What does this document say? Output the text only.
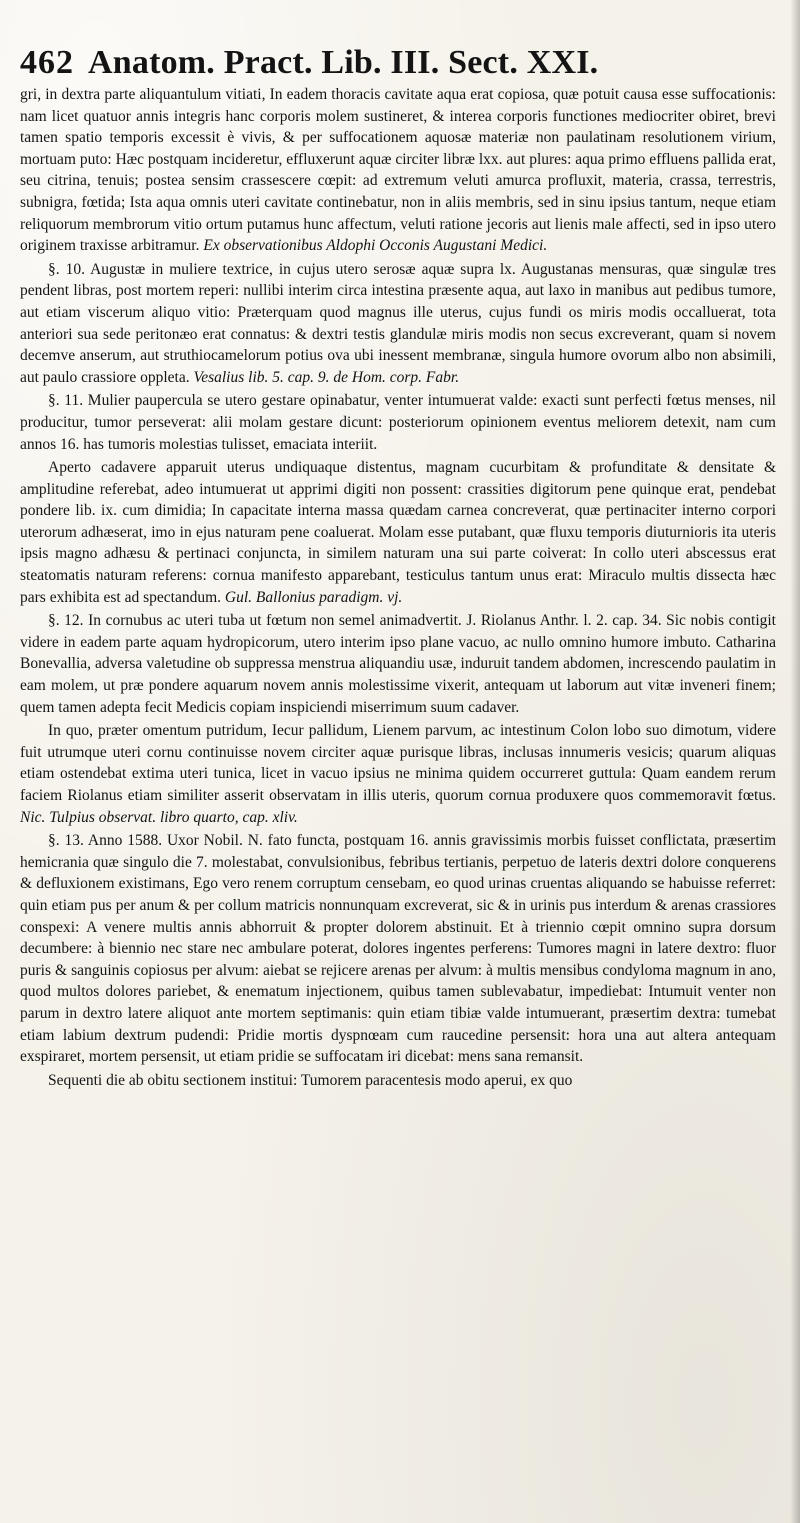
462 Anatom. Pract. Lib. III. Sect. XXI.

gri, in dextra parte aliquantulum vitiati, In eadem thoracis cavitate aqua erat copiosa, quæ potuit causa esse suffocationis: nam licet quatuor annis integris hanc corporis molem sustineret, & interea corporis functiones mediocriter obiret, brevi tamen spatio temporis excessit è vivis, & per suffocationem aquosæ materiæ non paulatinam resolutionem virium, mortuam puto: Hæc postquam incideretur, effluxerunt aquæ circiter libræ lxx. aut plures: aqua primo effluens pallida erat, seu citrina, tenuis; postea sensim crassescere cœpit: ad extremum veluti amurca profluxit, materia, crassa, terrestris, subnigra, fœtida; Ista aqua omnis uteri cavitate continebatur, non in aliis membris, sed in sinu ipsius tantum, neque etiam reliquorum membrorum vitio ortum putamus hunc affectum, veluti ratione jecoris aut lienis male affecti, sed in ipso utero originem traxisse arbitramur. Ex observationibus Aldophi Occonis Augustani Medici.

§. 10. Augustæ in muliere textrice, in cujus utero serosæ aquæ supra lx. Augustanas mensuras, quæ singulæ tres pendent libras, post mortem reperi: nullibi interim circa intestina præsente aqua, aut laxo in manibus aut pedibus tumore, aut etiam viscerum aliquo vitio: Præterquam quod magnus ille uterus, cujus fundi os miris modis occalluerat, tota anteriori sua sede peritonæo erat connatus: & dextri testis glandulæ miris modis non secus excreverant, quam si novem decemve anserum, aut struthiocamelorum potius ova ubi inessent membranæ, singula humore ovorum albo non absimili, aut paulo crassiore oppleta. Vesalius lib. 5. cap. 9. de Hom. corp. Fabr.

§. 11. Mulier paupercula se utero gestare opinabatur, venter intumuerat valde: exacti sunt perfecti fœtus menses, nil producitur, tumor perseverat: alii molam gestare dicunt: posteriorum opinionem eventus meliorem detexit, nam cum annos 16. has tumoris molestias tulisset, emaciata interiit.

Aperto cadavere apparuit uterus undiquaque distentus, magnam cucurbitam & profunditate & densitate & amplitudine referebat, adeo intumuerat ut apprimi digiti non possent: crassities digitorum pene quinque erat, pendebat pondere lib. ix. cum dimidia; In capacitate interna massa quædam carnea concreverat, quæ pertinaciter interno corpori uterorum adhæserat, imo in ejus naturam pene coaluerat. Molam esse putabant, quæ fluxu temporis diuturnioris ita uteris ipsis magno adhæsu & pertinaci conjuncta, in similem naturam una sui parte coiverat: In collo uteri abscessus erat steatomatis naturam referens: cornua manifesto apparebant, testiculus tantum unus erat: Miraculo multis dissecta hæc pars exhibita est ad spectandum. Gul. Ballonius paradigm. vj.

§. 12. In cornubus ac uteri tuba ut fœtum non semel animadvertit. J. Riolanus Anthr. l. 2. cap. 34. Sic nobis contigit videre in eadem parte aquam hydropicorum, utero interim ipso plane vacuo, ac nullo omnino humore imbuto. Catharina Bonevallia, adversa valetudine ob suppressa menstrua aliquandiu usæ, induruit tandem abdomen, increscendo paulatim in eam molem, ut præ pondere aquarum novem annis molestissime vixerit, antequam ut laborum aut vitæ inveneri finem; quem tamen adepta fecit Medicis copiam inspiciendi miserrimum suum cadaver.

In quo, præter omentum putridum, Iecur pallidum, Lienem parvum, ac intestinum Colon lobo suo dimotum, videre fuit utrumque uteri cornu continuisse novem circiter aquæ purisque libras, inclusas innumeris vesicis; quarum aliquas etiam ostendebat extima uteri tunica, licet in vacuo ipsius ne minima quidem occurreret guttula: Quam eandem rerum faciem Riolanus etiam similiter asserit observatam in illis uteris, quorum cornua produxere quos commemoravit fœtus. Nic. Tulpius observat. libro quarto, cap. xliv.

§. 13. Anno 1588. Uxor Nobil. N. fato functa, postquam 16. annis gravissimis morbis fuisset conflictata, præsertim hemicrania quæ singulo die 7. molestabat, convulsionibus, febribus tertianis, perpetuo de lateris dextri dolore conquerens & defluxionem existimans, Ego vero renem corruptum censebam, eo quod urinas cruentas aliquando se habuisse referret: quin etiam pus per anum & per collum matricis nonnunquam excreverat, sic & in urinis pus interdum & arenas crassiores conspexi: A venere multis annis abhorruit & propter dolorem abstinuit. Et à triennio cœpit omnino supra dorsum decumbere: à biennio nec stare nec ambulare poterat, dolores ingentes perferens: Tumores magni in latere dextro: fluor puris & sanguinis copiosus per alvum: aiebat se rejicere arenas per alvum: à multis mensibus condyloma magnum in ano, quod multos dolores pariebet, & enematum injectionem, quibus tamen sublevabatur, impediebat: Intumuit venter non parum in dextro latere aliquot ante mortem septimanis: quin etiam tibiæ valde intumuerant, præsertim dextra: tumebat etiam labium dextrum pudendi: Pridie mortis dyspnœam cum raucedine persensit: hora una aut altera antequam exspiraret, mortem persensit, ut etiam pridie se suffocatam iri dicebat: mens sana remansit.

Sequenti die ab obitu sectionem institui: Tumorem paracentesis modo aperui, ex quo
